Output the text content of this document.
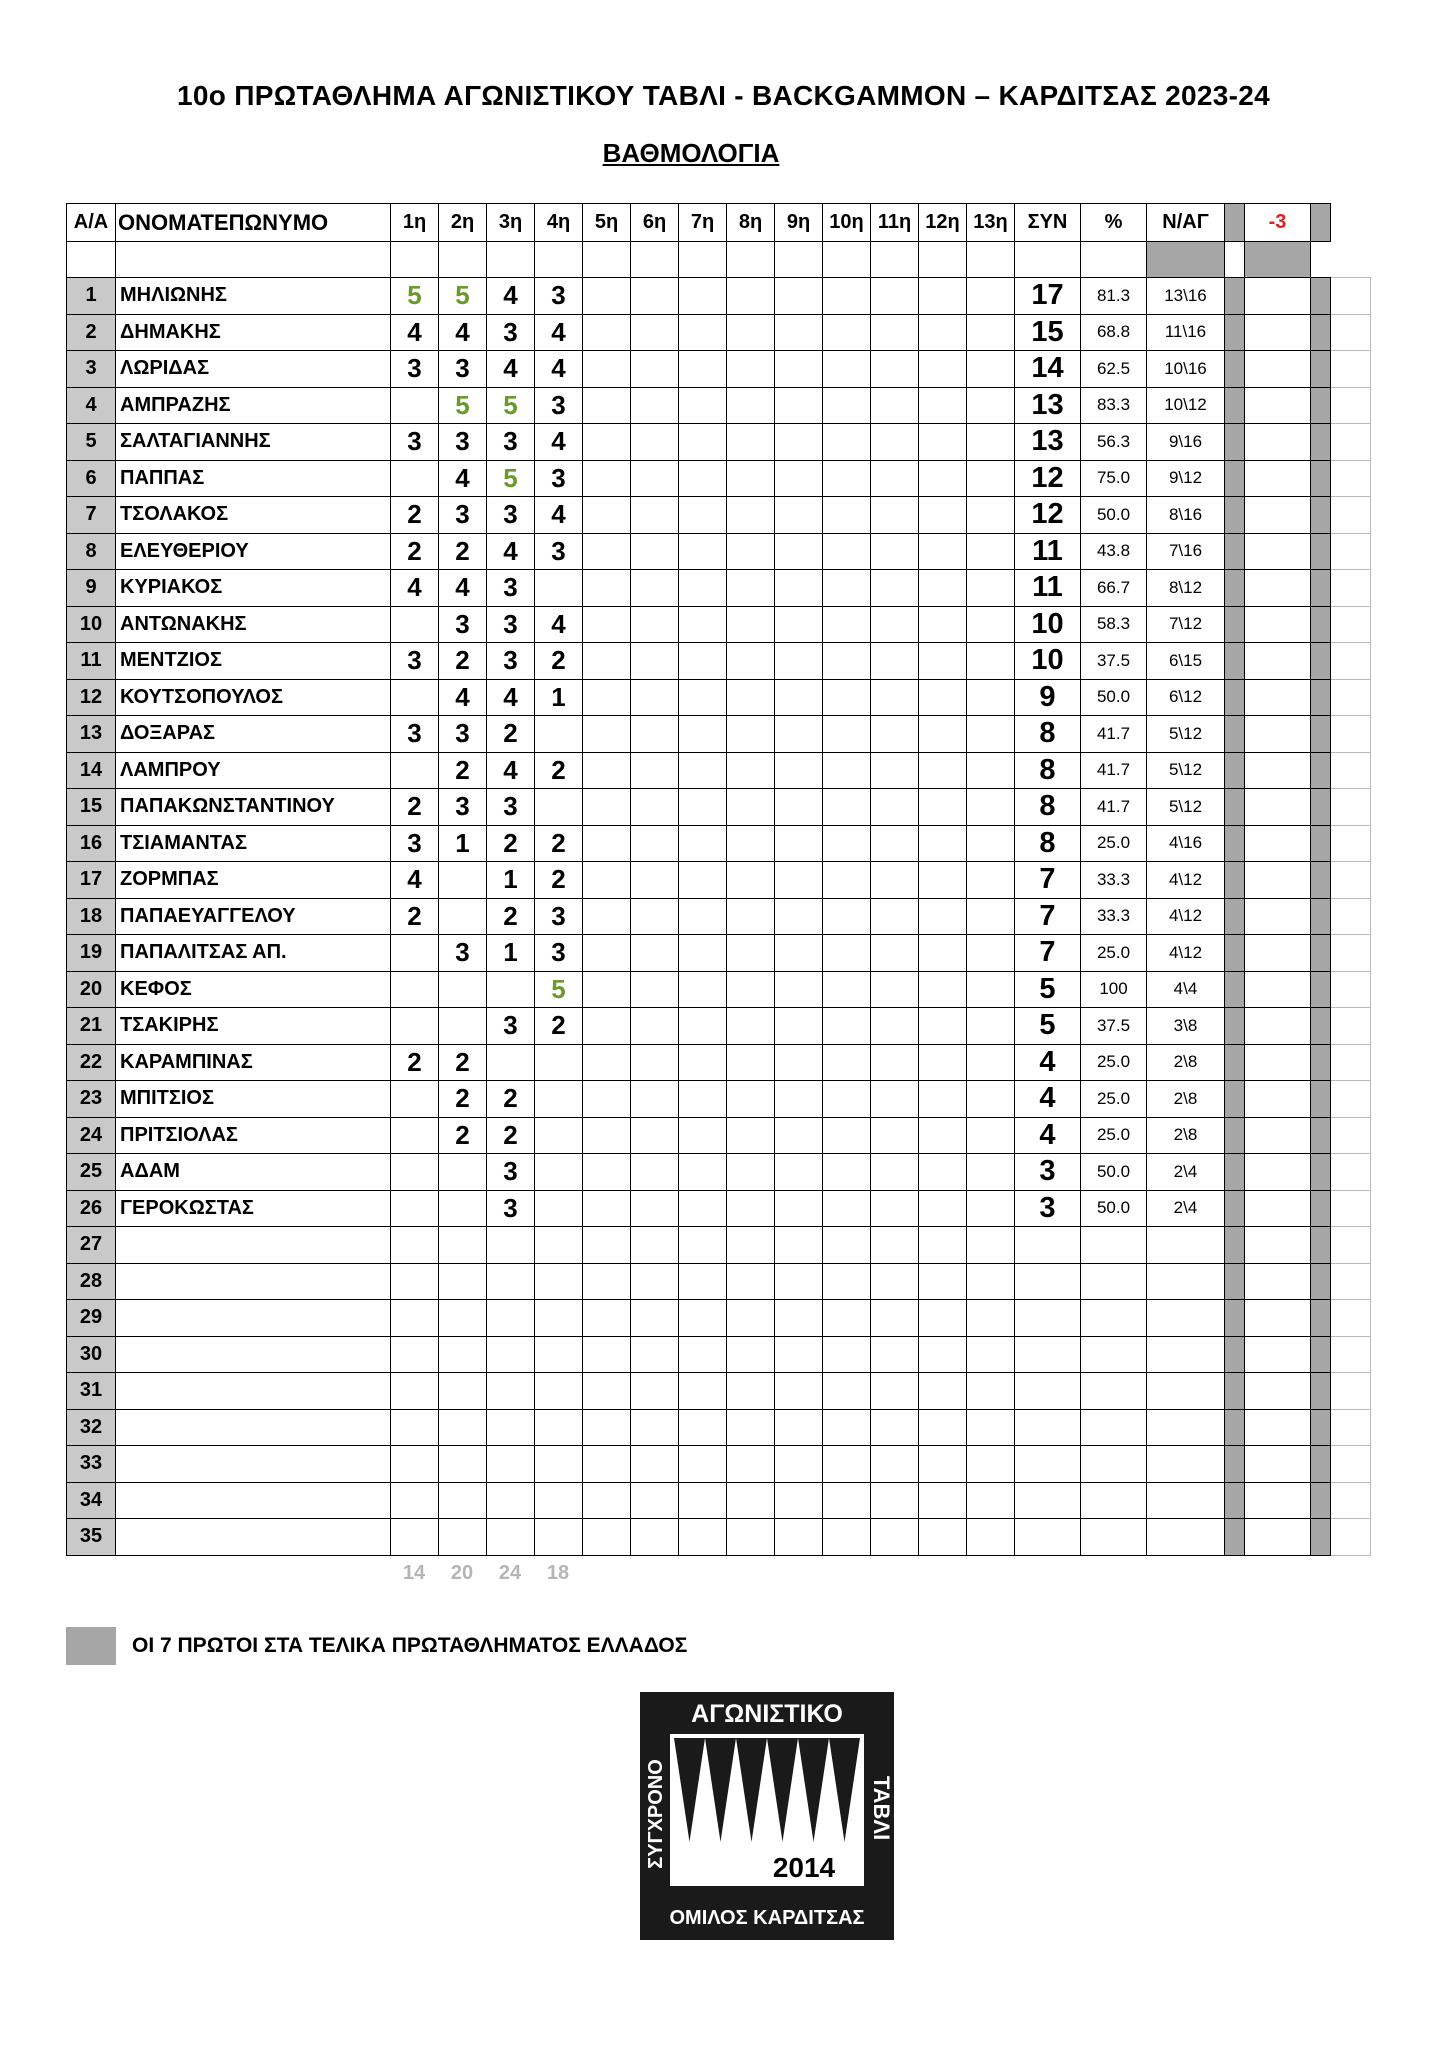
10ο ΠΡΩΤΑΘΛΗΜΑ ΑΓΩΝΙΣΤΙΚΟΥ ΤΑΒΛΙ - BACKGAMMON – ΚΑΡΔΙΤΣΑΣ 2023-24
ΒΑΘΜΟΛΟΓΙΑ
Α/Α	ΟΝΟΜΑΤΕΠΩΝΥΜΟ	1η	2η	3η	4η	5η	6η	7η	8η	9η	10η	11η	12η	13η	ΣΥΝ	%	Ν/ΑΓ		-3		

1	ΜΗΛΙΩΝΗΣ	5	5	4	3										17	81.3	13\16				
2	ΔΗΜΑΚΗΣ	4	4	3	4										15	68.8	11\16				
3	ΛΩΡΙΔΑΣ	3	3	4	4										14	62.5	10\16				
4	ΑΜΠΡΑΖΗΣ		5	5	3										13	83.3	10\12				
5	ΣΑΛΤΑΓΙΑΝΝΗΣ	3	3	3	4										13	56.3	9\16				
6	ΠΑΠΠΑΣ		4	5	3										12	75.0	9\12				
7	ΤΣΟΛΑΚΟΣ	2	3	3	4										12	50.0	8\16				
8	ΕΛΕΥΘΕΡΙΟΥ	2	2	4	3										11	43.8	7\16				
9	ΚΥΡΙΑΚΟΣ	4	4	3											11	66.7	8\12				
10	ΑΝΤΩΝΑΚΗΣ		3	3	4										10	58.3	7\12				
11	ΜΕΝΤΖΙΟΣ	3	2	3	2										10	37.5	6\15				
12	ΚΟΥΤΣΟΠΟΥΛΟΣ		4	4	1										9	50.0	6\12				
13	ΔΟΞΑΡΑΣ	3	3	2											8	41.7	5\12				
14	ΛΑΜΠΡΟΥ		2	4	2										8	41.7	5\12				
15	ΠΑΠΑΚΩΝΣΤΑΝΤΙΝΟΥ	2	3	3											8	41.7	5\12				
16	ΤΣΙΑΜΑΝΤΑΣ	3	1	2	2										8	25.0	4\16				
17	ΖΟΡΜΠΑΣ	4		1	2										7	33.3	4\12				
18	ΠΑΠΑΕΥΑΓΓΕΛΟΥ	2		2	3										7	33.3	4\12				
19	ΠΑΠΑΛΙΤΣΑΣ ΑΠ.		3	1	3										7	25.0	4\12				
20	ΚΕΦΟΣ				5										5	100	4\4				
21	ΤΣΑΚΙΡΗΣ			3	2										5	37.5	3\8				
22	ΚΑΡΑΜΠΙΝΑΣ	2	2												4	25.0	2\8				
23	ΜΠΙΤΣΙΟΣ		2	2											4	25.0	2\8				
24	ΠΡΙΤΣΙΟΛΑΣ		2	2											4	25.0	2\8				
25	ΑΔΑΜ			3											3	50.0	2\4				
26	ΓΕΡΟΚΩΣΤΑΣ			3											3	50.0	2\4				
27																					
28																					
29																					
30																					
31																					
32																					
33																					
34																					
35																					
14	20	24	18
ΟΙ 7 ΠΡΩΤΟΙ ΣΤΑ ΤΕΛΙΚΑ ΠΡΩΤΑΘΛΗΜΑΤΟΣ ΕΛΛΑΔΟΣ
ΑΓΩΝΙΣΤΙΚΟ
2014
ΣΥΓΧΡΟΝΟ	ΤΑΒΛΙ
ΟΜΙΛΟΣ ΚΑΡΔΙΤΣΑΣ
